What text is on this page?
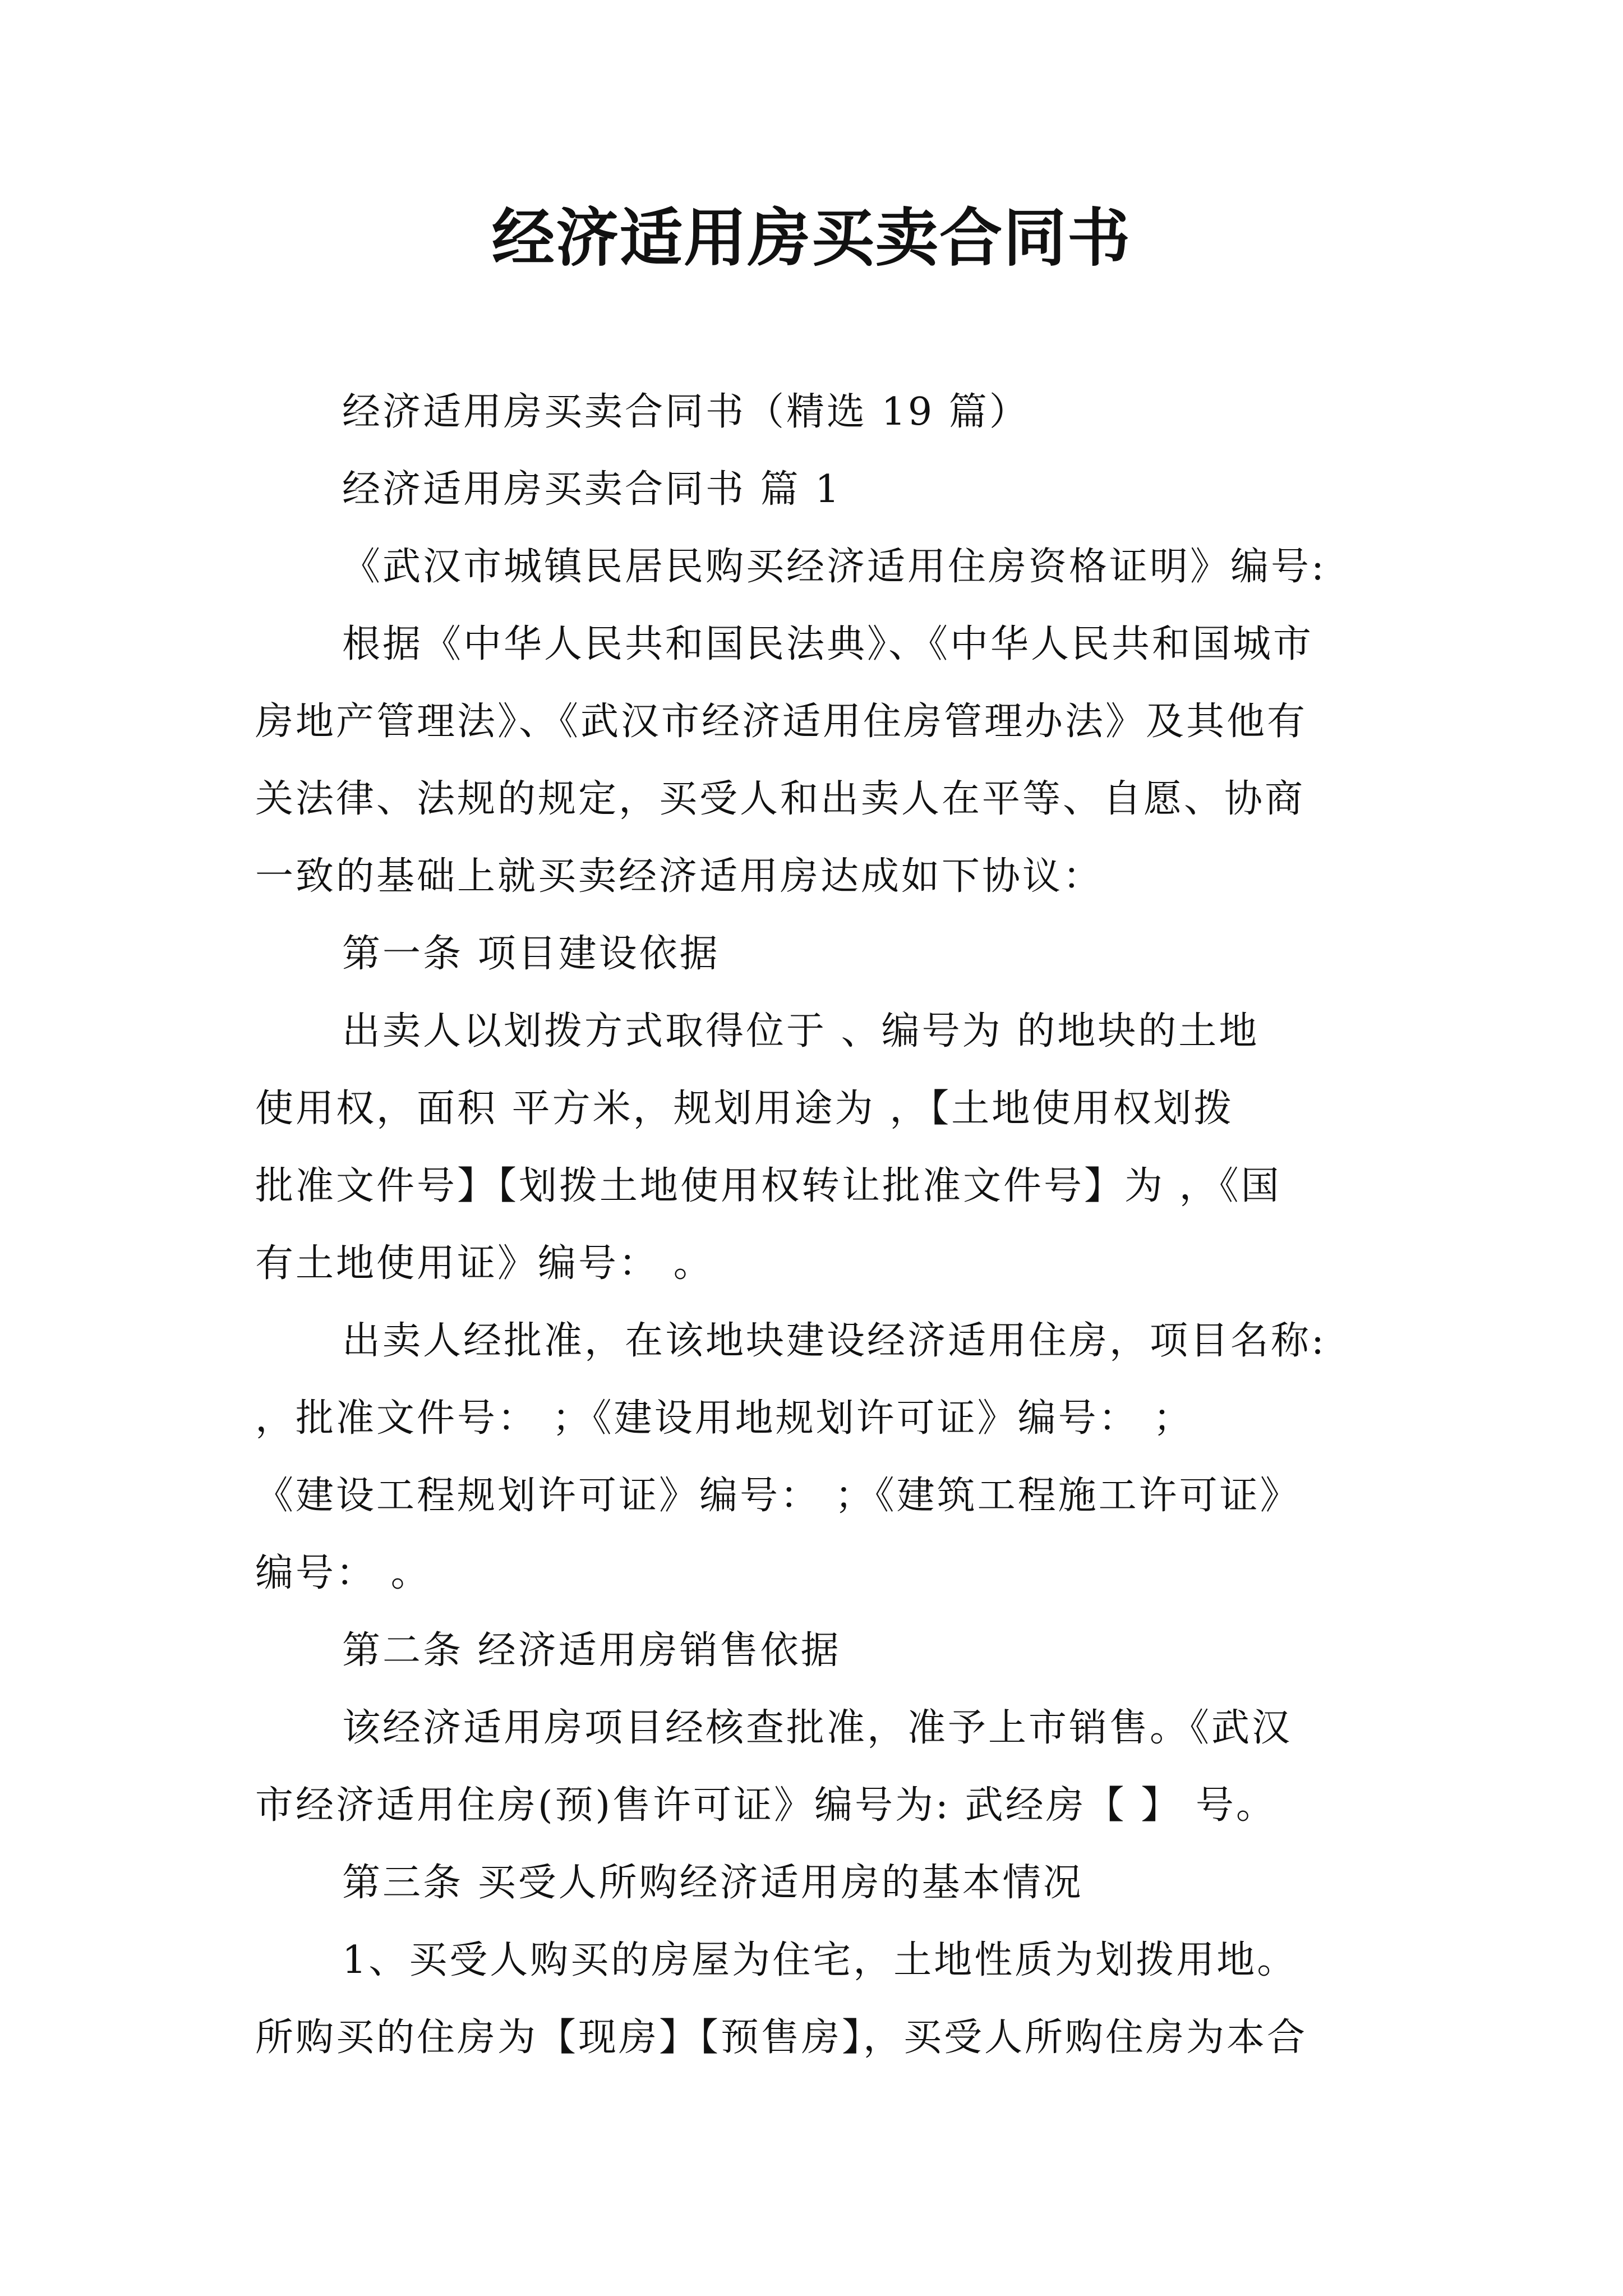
经济适用房买卖合同书
经济适用房买卖合同书（精选 19 篇）
经济适用房买卖合同书 篇 1
《武汉市城镇民居民购买经济适用住房资格证明》编号:
根据《中华人民共和国民法典》、《中华人民共和国城市
房地产管理法》、《武汉市经济适用住房管理办法》及其他有
关法律、法规的规定，买受人和出卖人在平等、自愿、协商
一致的基础上就买卖经济适用房达成如下协议：
第一条 项目建设依据
出卖人以划拨方式取得位于 、编号为 的地块的土地
使用权，面积 平方米，规划用途为 ，【土地使用权划拨
批准文件号】【划拨土地使用权转让批准文件号】为 ，《国
有土地使用证》编号： 。
出卖人经批准，在该地块建设经济适用住房，项目名称:
，批准文件号： ；《建设用地规划许可证》编号： ；
《建设工程规划许可证》编号： ；《建筑工程施工许可证》
编号： 。
第二条 经济适用房销售依据
该经济适用房项目经核查批准，准予上市销售。《武汉
市经济适用住房(预)售许可证》编号为: 武经房【 】 号。
第三条 买受人所购经济适用房的基本情况
1、买受人购买的房屋为住宅，土地性质为划拨用地。
所购买的住房为【现房】【预售房】，买受人所购住房为本合
